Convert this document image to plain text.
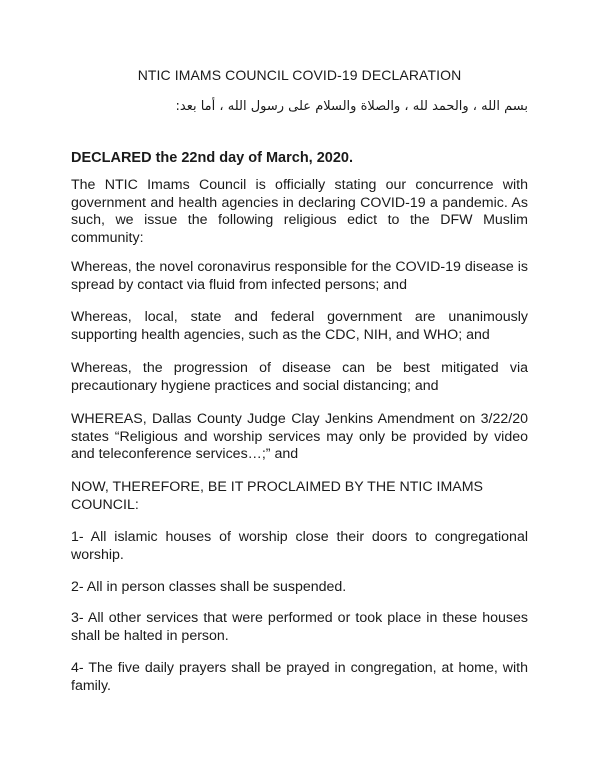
NTIC IMAMS COUNCIL COVID-19 DECLARATION
بسم الله ، والحمد لله ، والصلاة والسلام على رسول الله ، أما بعد:
DECLARED the 22nd day of March, 2020.
The NTIC Imams Council is officially stating our concurrence with government and health agencies in declaring COVID-19 a pandemic. As such, we issue the following religious edict to the DFW Muslim community:
Whereas, the novel coronavirus responsible for the COVID-19 disease is spread by contact via fluid from infected persons; and
Whereas, local, state and federal government are unanimously supporting health agencies, such as the CDC, NIH, and WHO; and
Whereas, the progression of disease can be best mitigated via precautionary hygiene practices and social distancing; and
WHEREAS, Dallas County Judge Clay Jenkins Amendment on 3/22/20 states “Religious and worship services may only be provided by video and teleconference services…;” and
NOW, THEREFORE, BE IT PROCLAIMED BY THE NTIC IMAMS COUNCIL:
1- All islamic houses of worship close their doors to congregational worship.
2- All in person classes shall be suspended.
3- All other services that were performed or took place in these houses shall be halted in person.
4- The five daily prayers shall be prayed in congregation, at home, with family.
